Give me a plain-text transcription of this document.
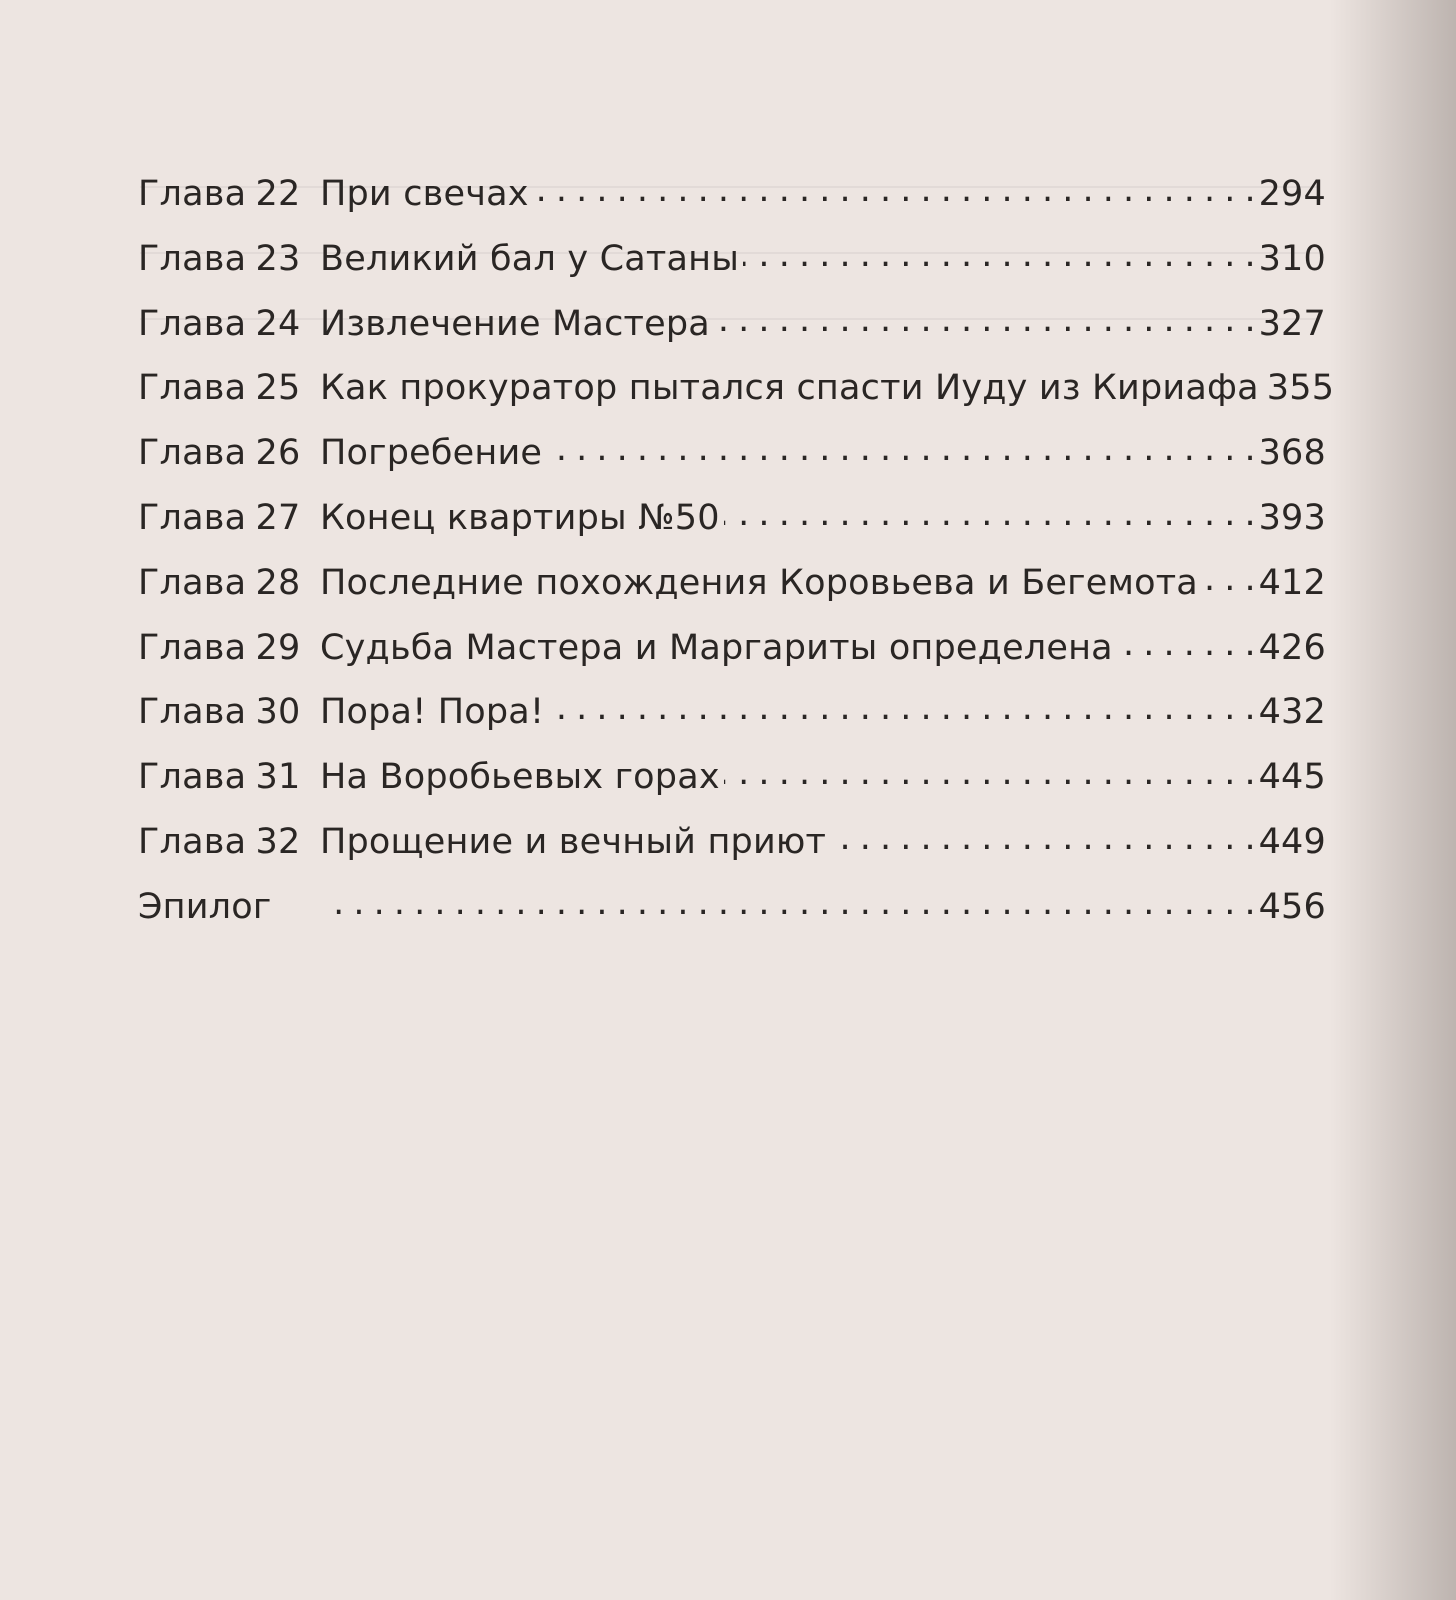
Глава 22 При свечах . . .	294
Глава 23 Великий бал у Сатаны . . .	310
Глава 24 Извлечение Мастера . . .	327
Глава 25 Как прокуратор пытался спасти Иуду из Кириафа 355
Глава 26 Погребение . . .	368
Глава 27 Конец квартиры №50 . . .	393
Глава 28 Последние похождения Коровьева и Бегемота . . . 412
Глава 29 Судьба Мастера и Маргариты определена . . .	426
Глава 30 Пора! Пора! . . .	432
Глава 31 На Воробьевых горах . . .	445
Глава 32 Прощение и вечный приют . . .	449
Эпилог . . .	456
